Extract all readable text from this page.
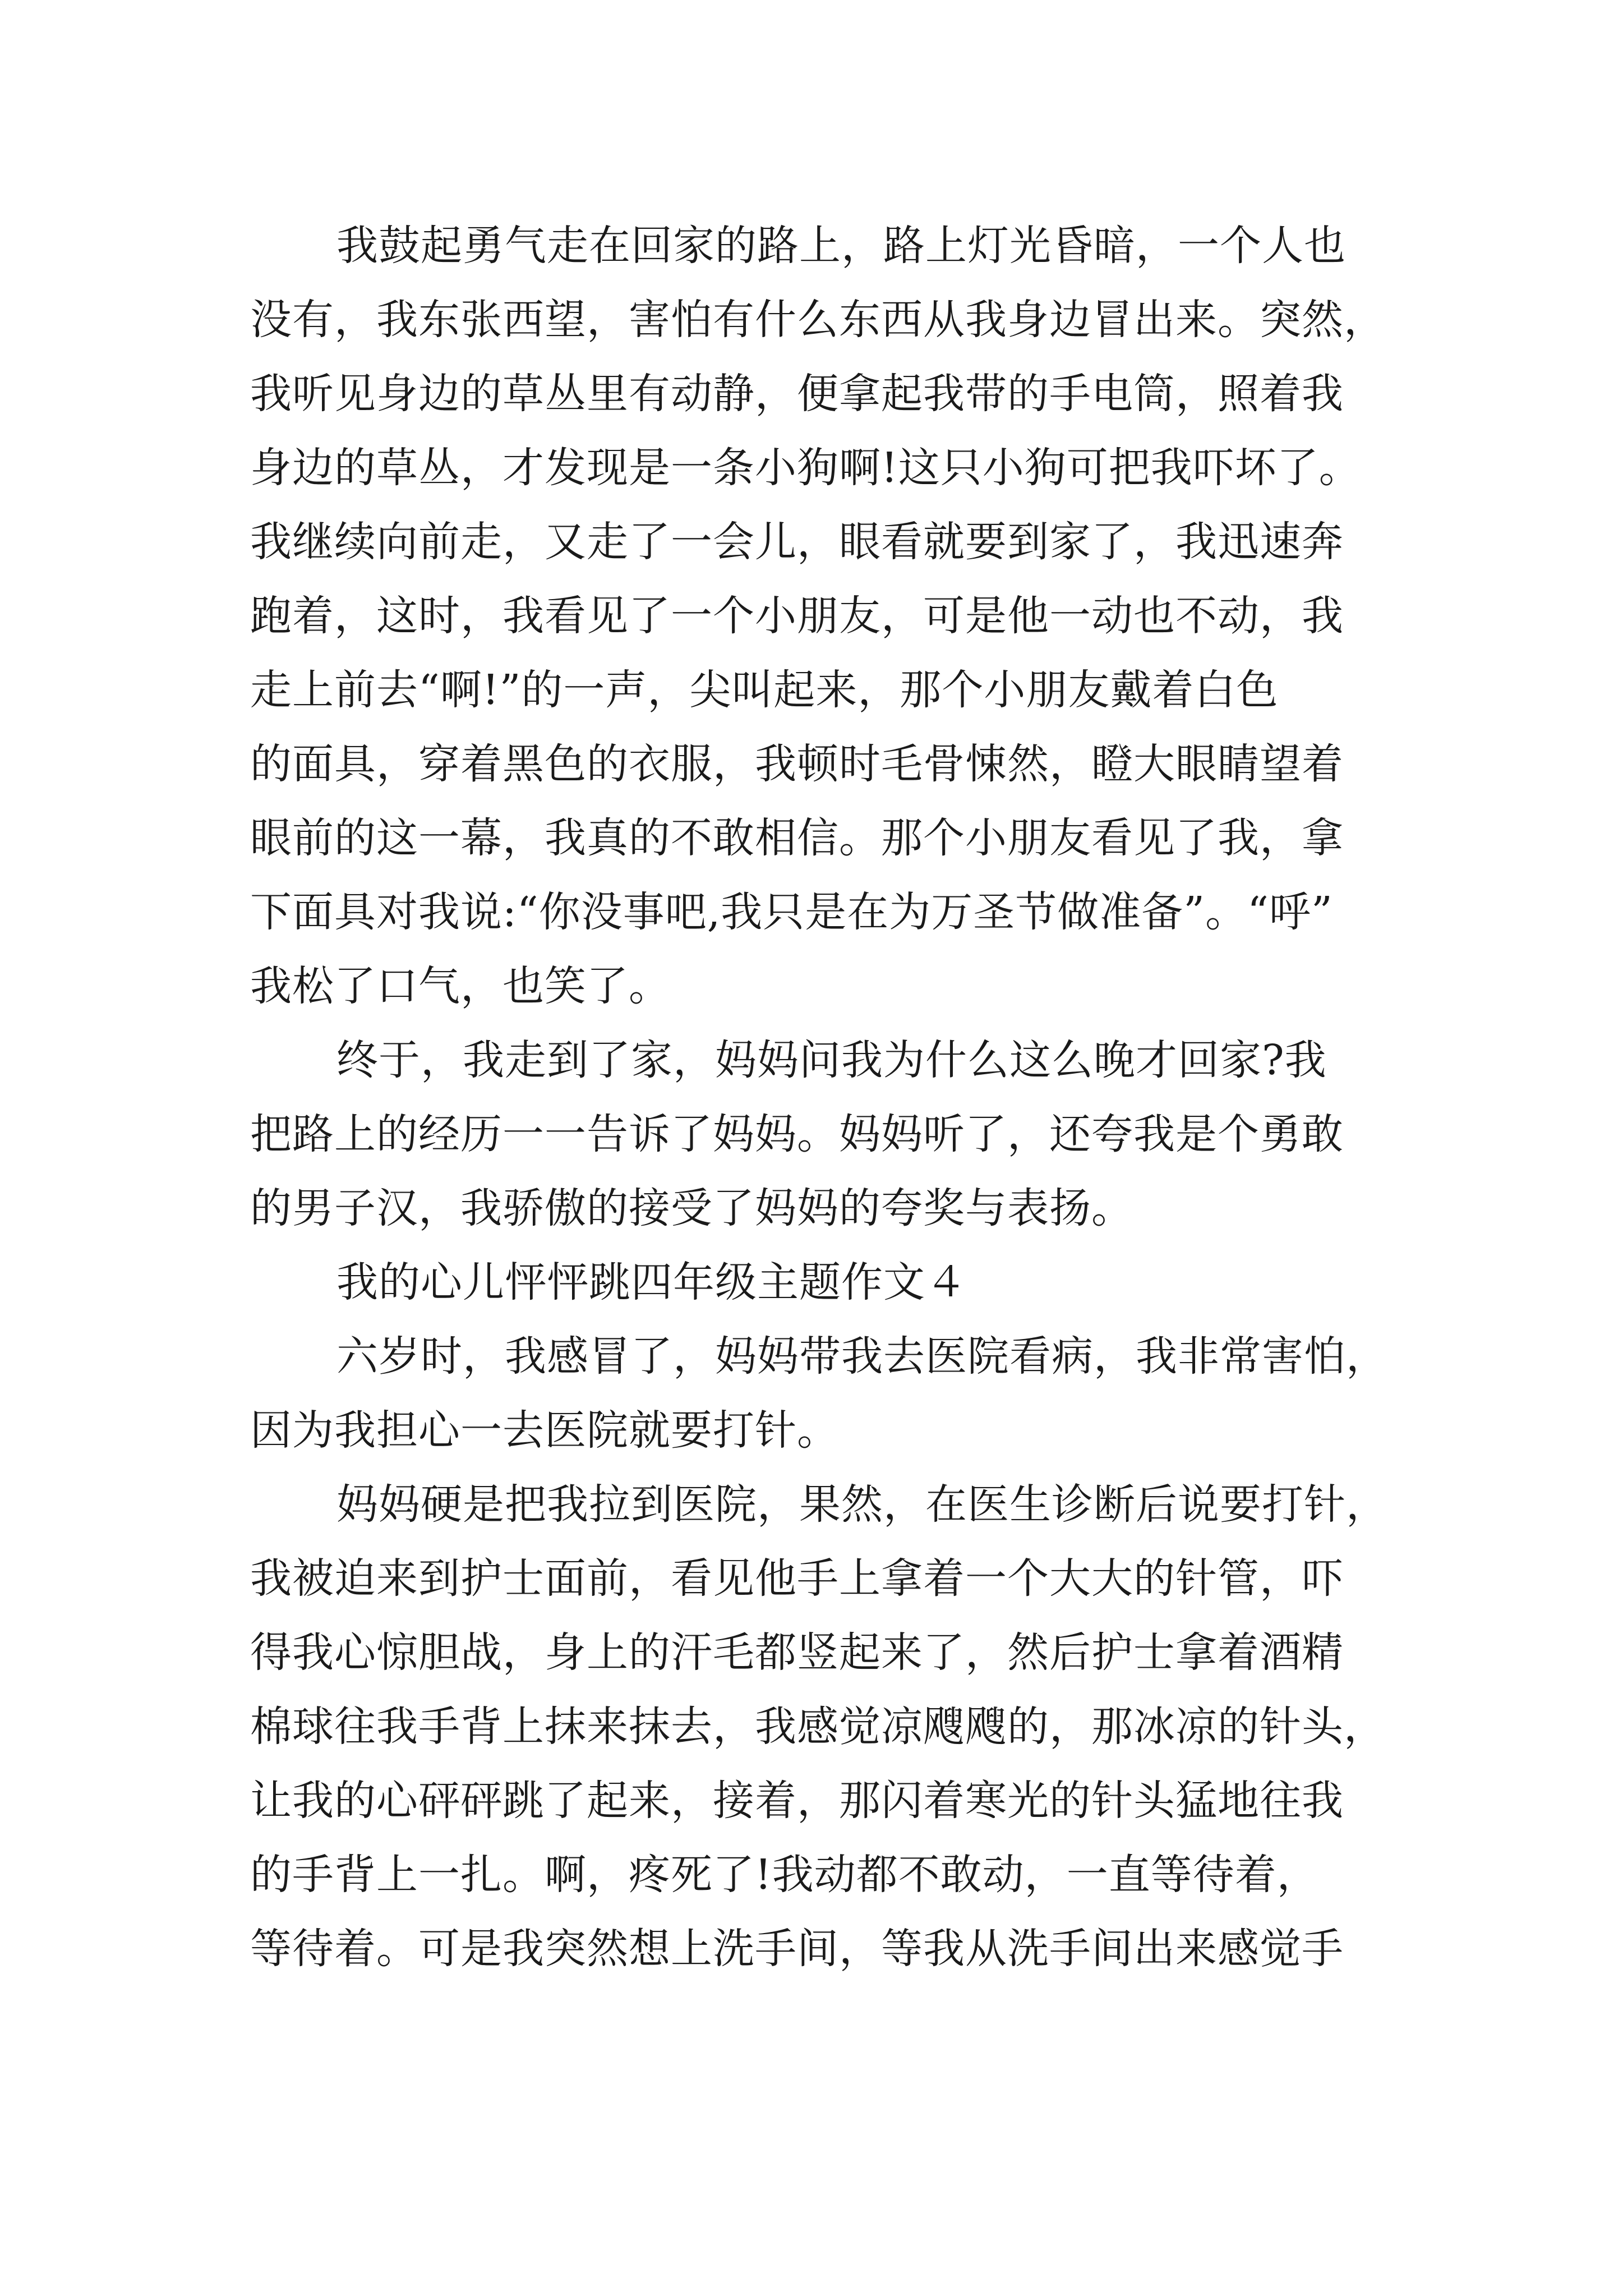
我鼓起勇气走在回家的路上，路上灯光昏暗，一个人也
没有，我东张西望，害怕有什么东西从我身边冒出来。突然，
我听见身边的草丛里有动静，便拿起我带的手电筒，照着我
身边的草丛，才发现是一条小狗啊!这只小狗可把我吓坏了。
我继续向前走，又走了一会儿，眼看就要到家了，我迅速奔
跑着，这时，我看见了一个小朋友，可是他一动也不动，我
走上前去“啊!”的一声，尖叫起来，那个小朋友戴着白色
的面具，穿着黑色的衣服，我顿时毛骨悚然，瞪大眼睛望着
眼前的这一幕，我真的不敢相信。那个小朋友看见了我，拿
下面具对我说:“你没事吧,我只是在为万圣节做准备”。“呼”
我松了口气，也笑了。
终于，我走到了家，妈妈问我为什么这么晚才回家?我
把路上的经历一一告诉了妈妈。妈妈听了，还夸我是个勇敢
的男子汉，我骄傲的接受了妈妈的夸奖与表扬。
我的心儿怦怦跳四年级主题作文４
六岁时，我感冒了，妈妈带我去医院看病，我非常害怕，
因为我担心一去医院就要打针。
妈妈硬是把我拉到医院，果然，在医生诊断后说要打针，
我被迫来到护士面前，看见他手上拿着一个大大的针管，吓
得我心惊胆战，身上的汗毛都竖起来了，然后护士拿着酒精
棉球往我手背上抹来抹去，我感觉凉飕飕的，那冰凉的针头，
让我的心砰砰跳了起来，接着，那闪着寒光的针头猛地往我
的手背上一扎。啊，疼死了!我动都不敢动，一直等待着，
等待着。可是我突然想上洗手间，等我从洗手间出来感觉手
